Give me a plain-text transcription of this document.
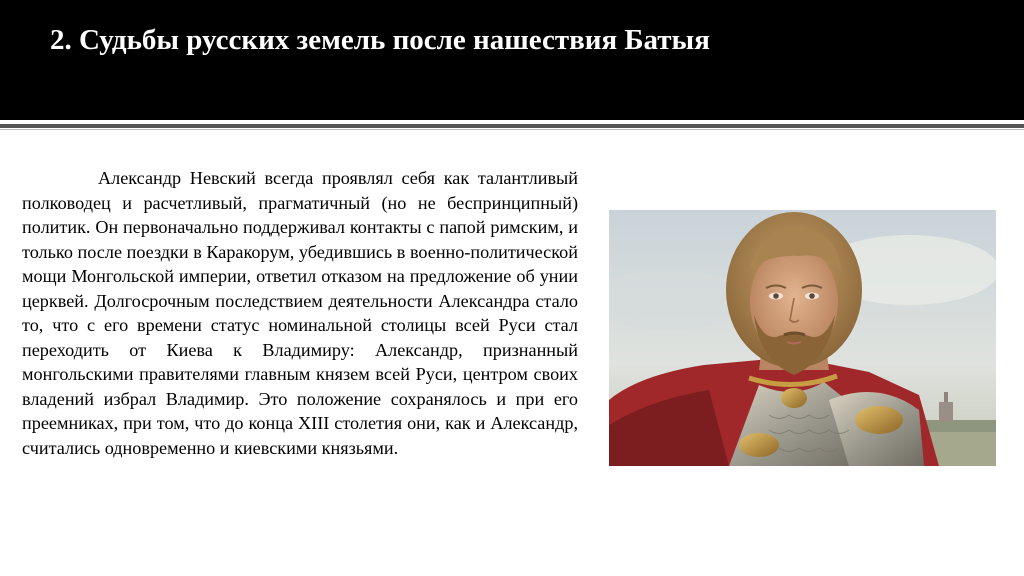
2. Судьбы русских земель после нашествия Батыя

Александр Невский всегда проявлял себя как талантливый полководец и расчетливый, прагматичный (но не беспринципный) политик. Он первоначально поддерживал контакты с папой римским, и только после поездки в Каракорум, убедившись в военно-политической мощи Монгольской империи, ответил отказом на предложение об унии церквей. Долгосрочным последствием деятельности Александра стало то, что с его времени статус номинальной столицы всей Руси стал переходить от Киева к Владимиру: Александр, признанный монгольскими правителями главным князем всей Руси, центром своих владений избрал Владимир. Это положение сохранялось и при его преемниках, при том, что до конца XIII столетия они, как и Александр, считались одновременно и киевскими князьями.
